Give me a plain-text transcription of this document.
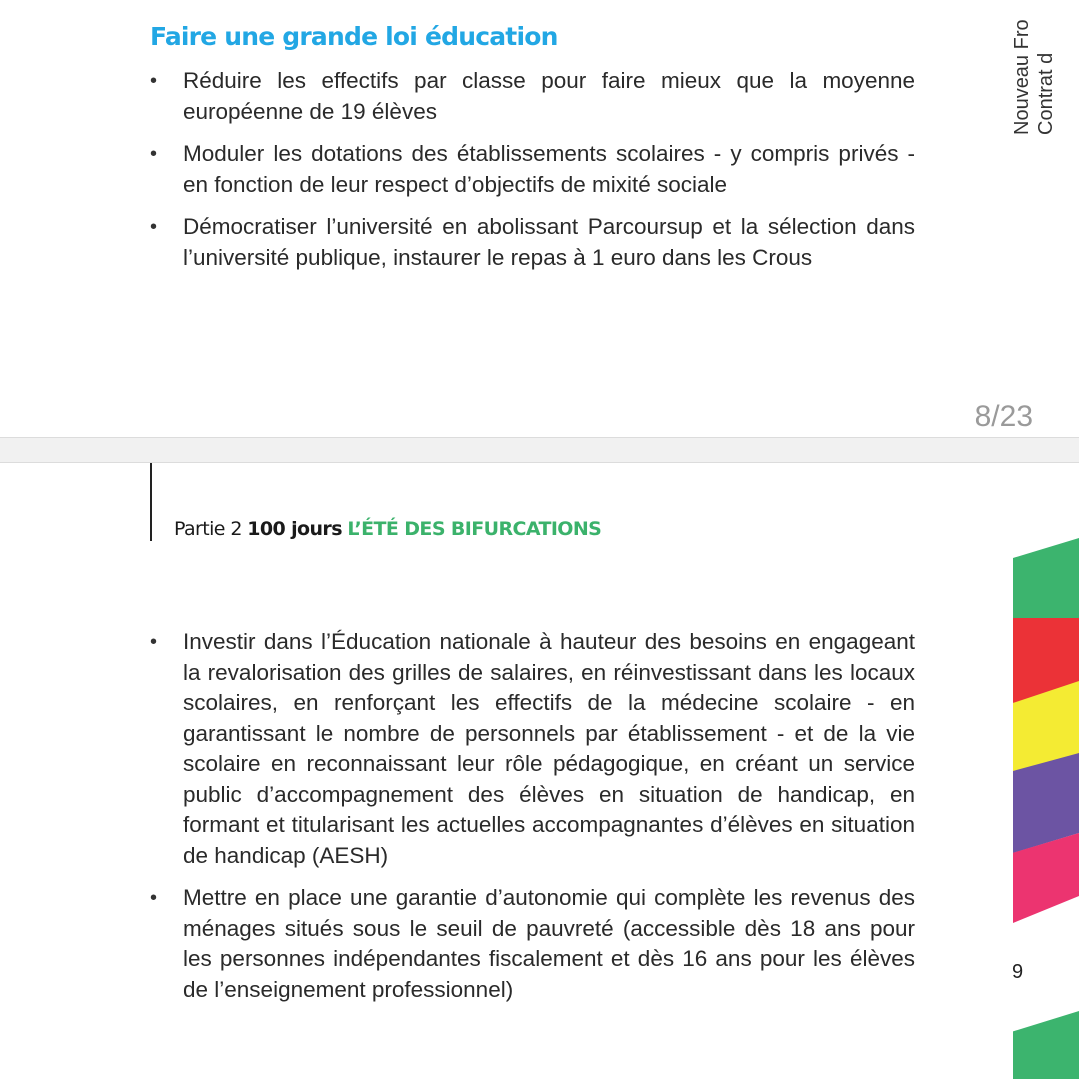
Faire une grande loi éducation
• Réduire les effectifs par classe pour faire mieux que la moyenne européenne de 19 élèves
• Moduler les dotations des établissements scolaires - y compris privés - en fonction de leur respect d’objectifs de mixité sociale
• Démocratiser l’université en abolissant Parcoursup et la sélection dans l’université publique, instaurer le repas à 1 euro dans les Crous
Nouveau Fro Contrat d
8/23
Partie 2 100 jours L’ÉTÉ DES BIFURCATIONS
• Investir dans l’Éducation nationale à hauteur des besoins en engageant la revalorisation des grilles de salaires, en réinvestissant dans les locaux scolaires, en renforçant les effectifs de la médecine scolaire - en garantissant le nombre de personnels par établissement - et de la vie scolaire en reconnaissant leur rôle pédagogique, en créant un service public d’accompagnement des élèves en situation de handicap, en formant et titularisant les actuelles accompagnantes d’élèves en situation de handicap (AESH)
• Mettre en place une garantie d’autonomie qui complète les revenus des ménages situés sous le seuil de pauvreté (accessible dès 18 ans pour les personnes indépendantes fiscalement et dès 16 ans pour les élèves de l’enseignement professionnel)
9
